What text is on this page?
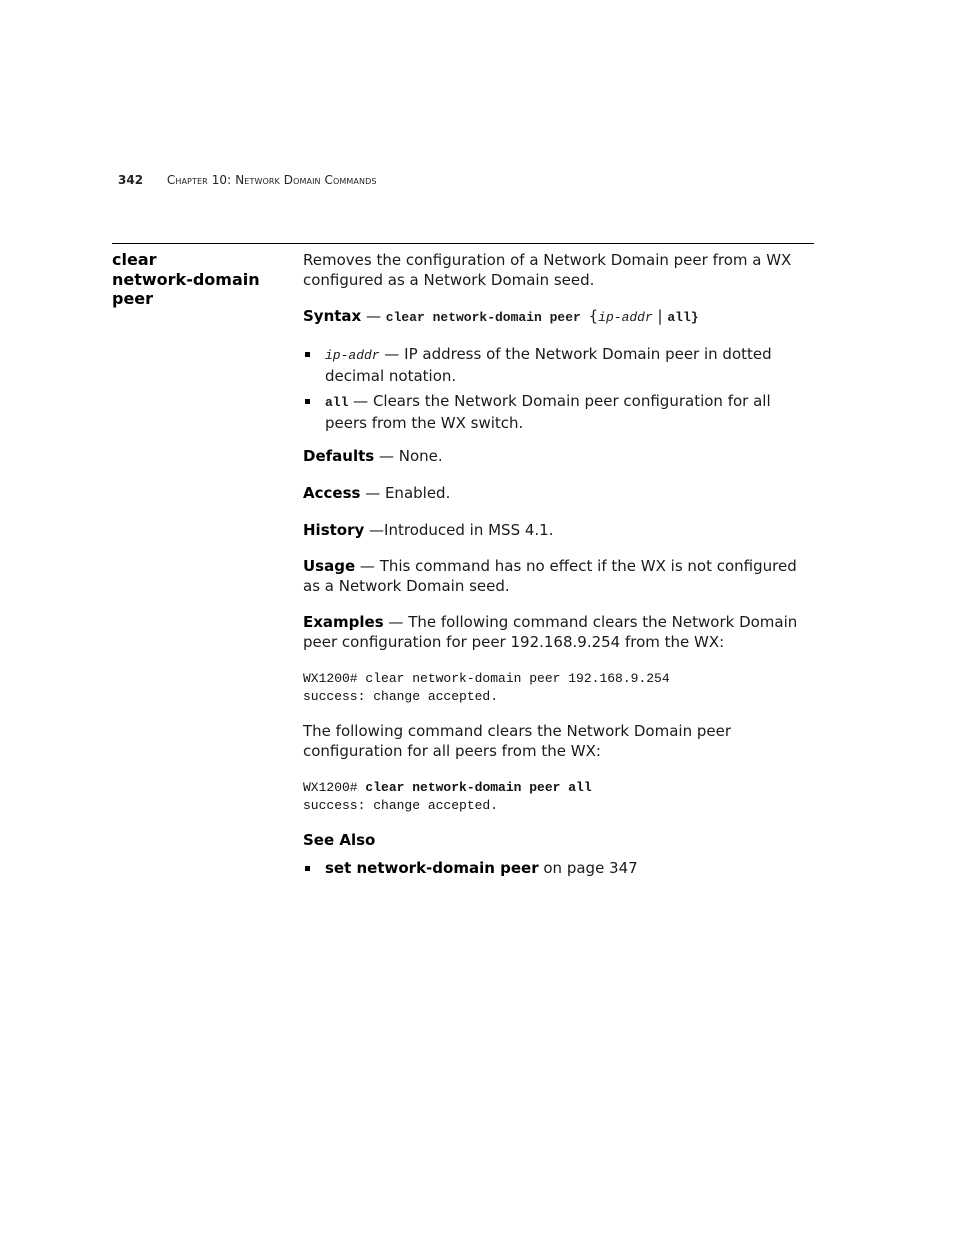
342 Chapter 10: Network Domain Commands
clear
network-domain
peer
Removes the configuration of a Network Domain peer from a WX configured as a Network Domain seed.
Syntax — clear network-domain peer {ip-addr | all}
ip-addr — IP address of the Network Domain peer in dotted decimal notation.
all — Clears the Network Domain peer configuration for all peers from the WX switch.
Defaults — None.
Access — Enabled.
History —Introduced in MSS 4.1.
Usage — This command has no effect if the WX is not configured as a Network Domain seed.
Examples — The following command clears the Network Domain peer configuration for peer 192.168.9.254 from the WX:
WX1200# clear network-domain peer 192.168.9.254
success: change accepted.
The following command clears the Network Domain peer configuration for all peers from the WX:
WX1200# clear network-domain peer all
success: change accepted.
See Also
set network-domain peer on page 347
